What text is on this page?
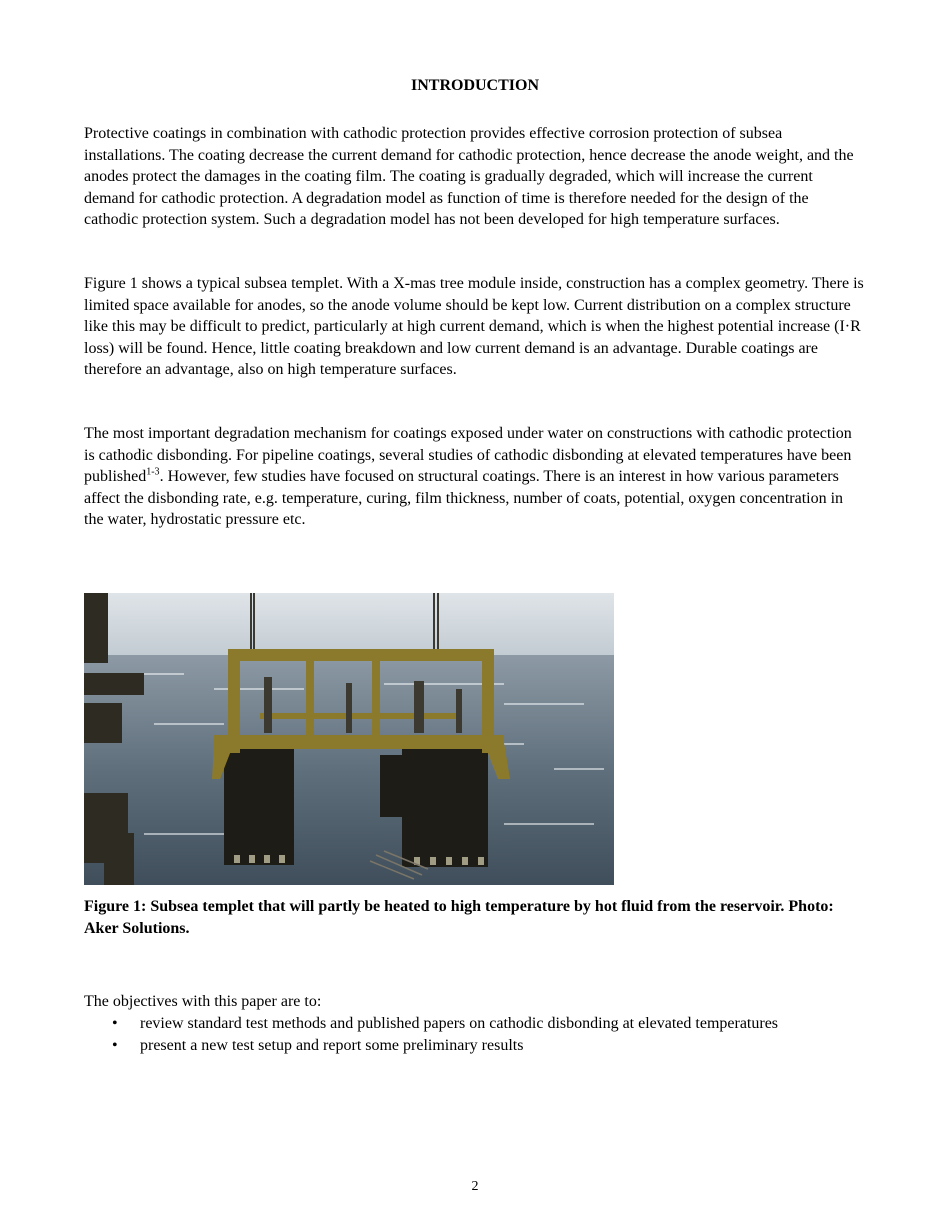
INTRODUCTION

Protective coatings in combination with cathodic protection provides effective corrosion protection of subsea installations. The coating decrease the current demand for cathodic protection, hence decrease the anode weight, and the anodes protect the damages in the coating film. The coating is gradually degraded, which will increase the current demand for cathodic protection. A degradation model as function of time is therefore needed for the design of the cathodic protection system. Such a degradation model has not been developed for high temperature surfaces.

Figure 1 shows a typical subsea templet. With a X-mas tree module inside, construction has a complex geometry. There is limited space available for anodes, so the anode volume should be kept low. Current distribution on a complex structure like this may be difficult to predict, particularly at high current demand, which is when the highest potential increase (I·R loss) will be found. Hence, little coating breakdown and low current demand is an advantage. Durable coatings are therefore an advantage, also on high temperature surfaces.

The most important degradation mechanism for coatings exposed under water on constructions with cathodic protection is cathodic disbonding. For pipeline coatings, several studies of cathodic disbonding at elevated temperatures have been published$^{1-3}$. However, few studies have focused on structural coatings. There is an interest in how various parameters affect the disbonding rate, e.g. temperature, curing, film thickness, number of coats, potential, oxygen concentration in the water, hydrostatic pressure etc.

Figure 1: Subsea templet that will partly be heated to high temperature by hot fluid from the reservoir. Photo: Aker Solutions.

The objectives with this paper are to:

• review standard test methods and published papers on cathodic disbonding at elevated temperatures
• present a new test setup and report some preliminary results

2
